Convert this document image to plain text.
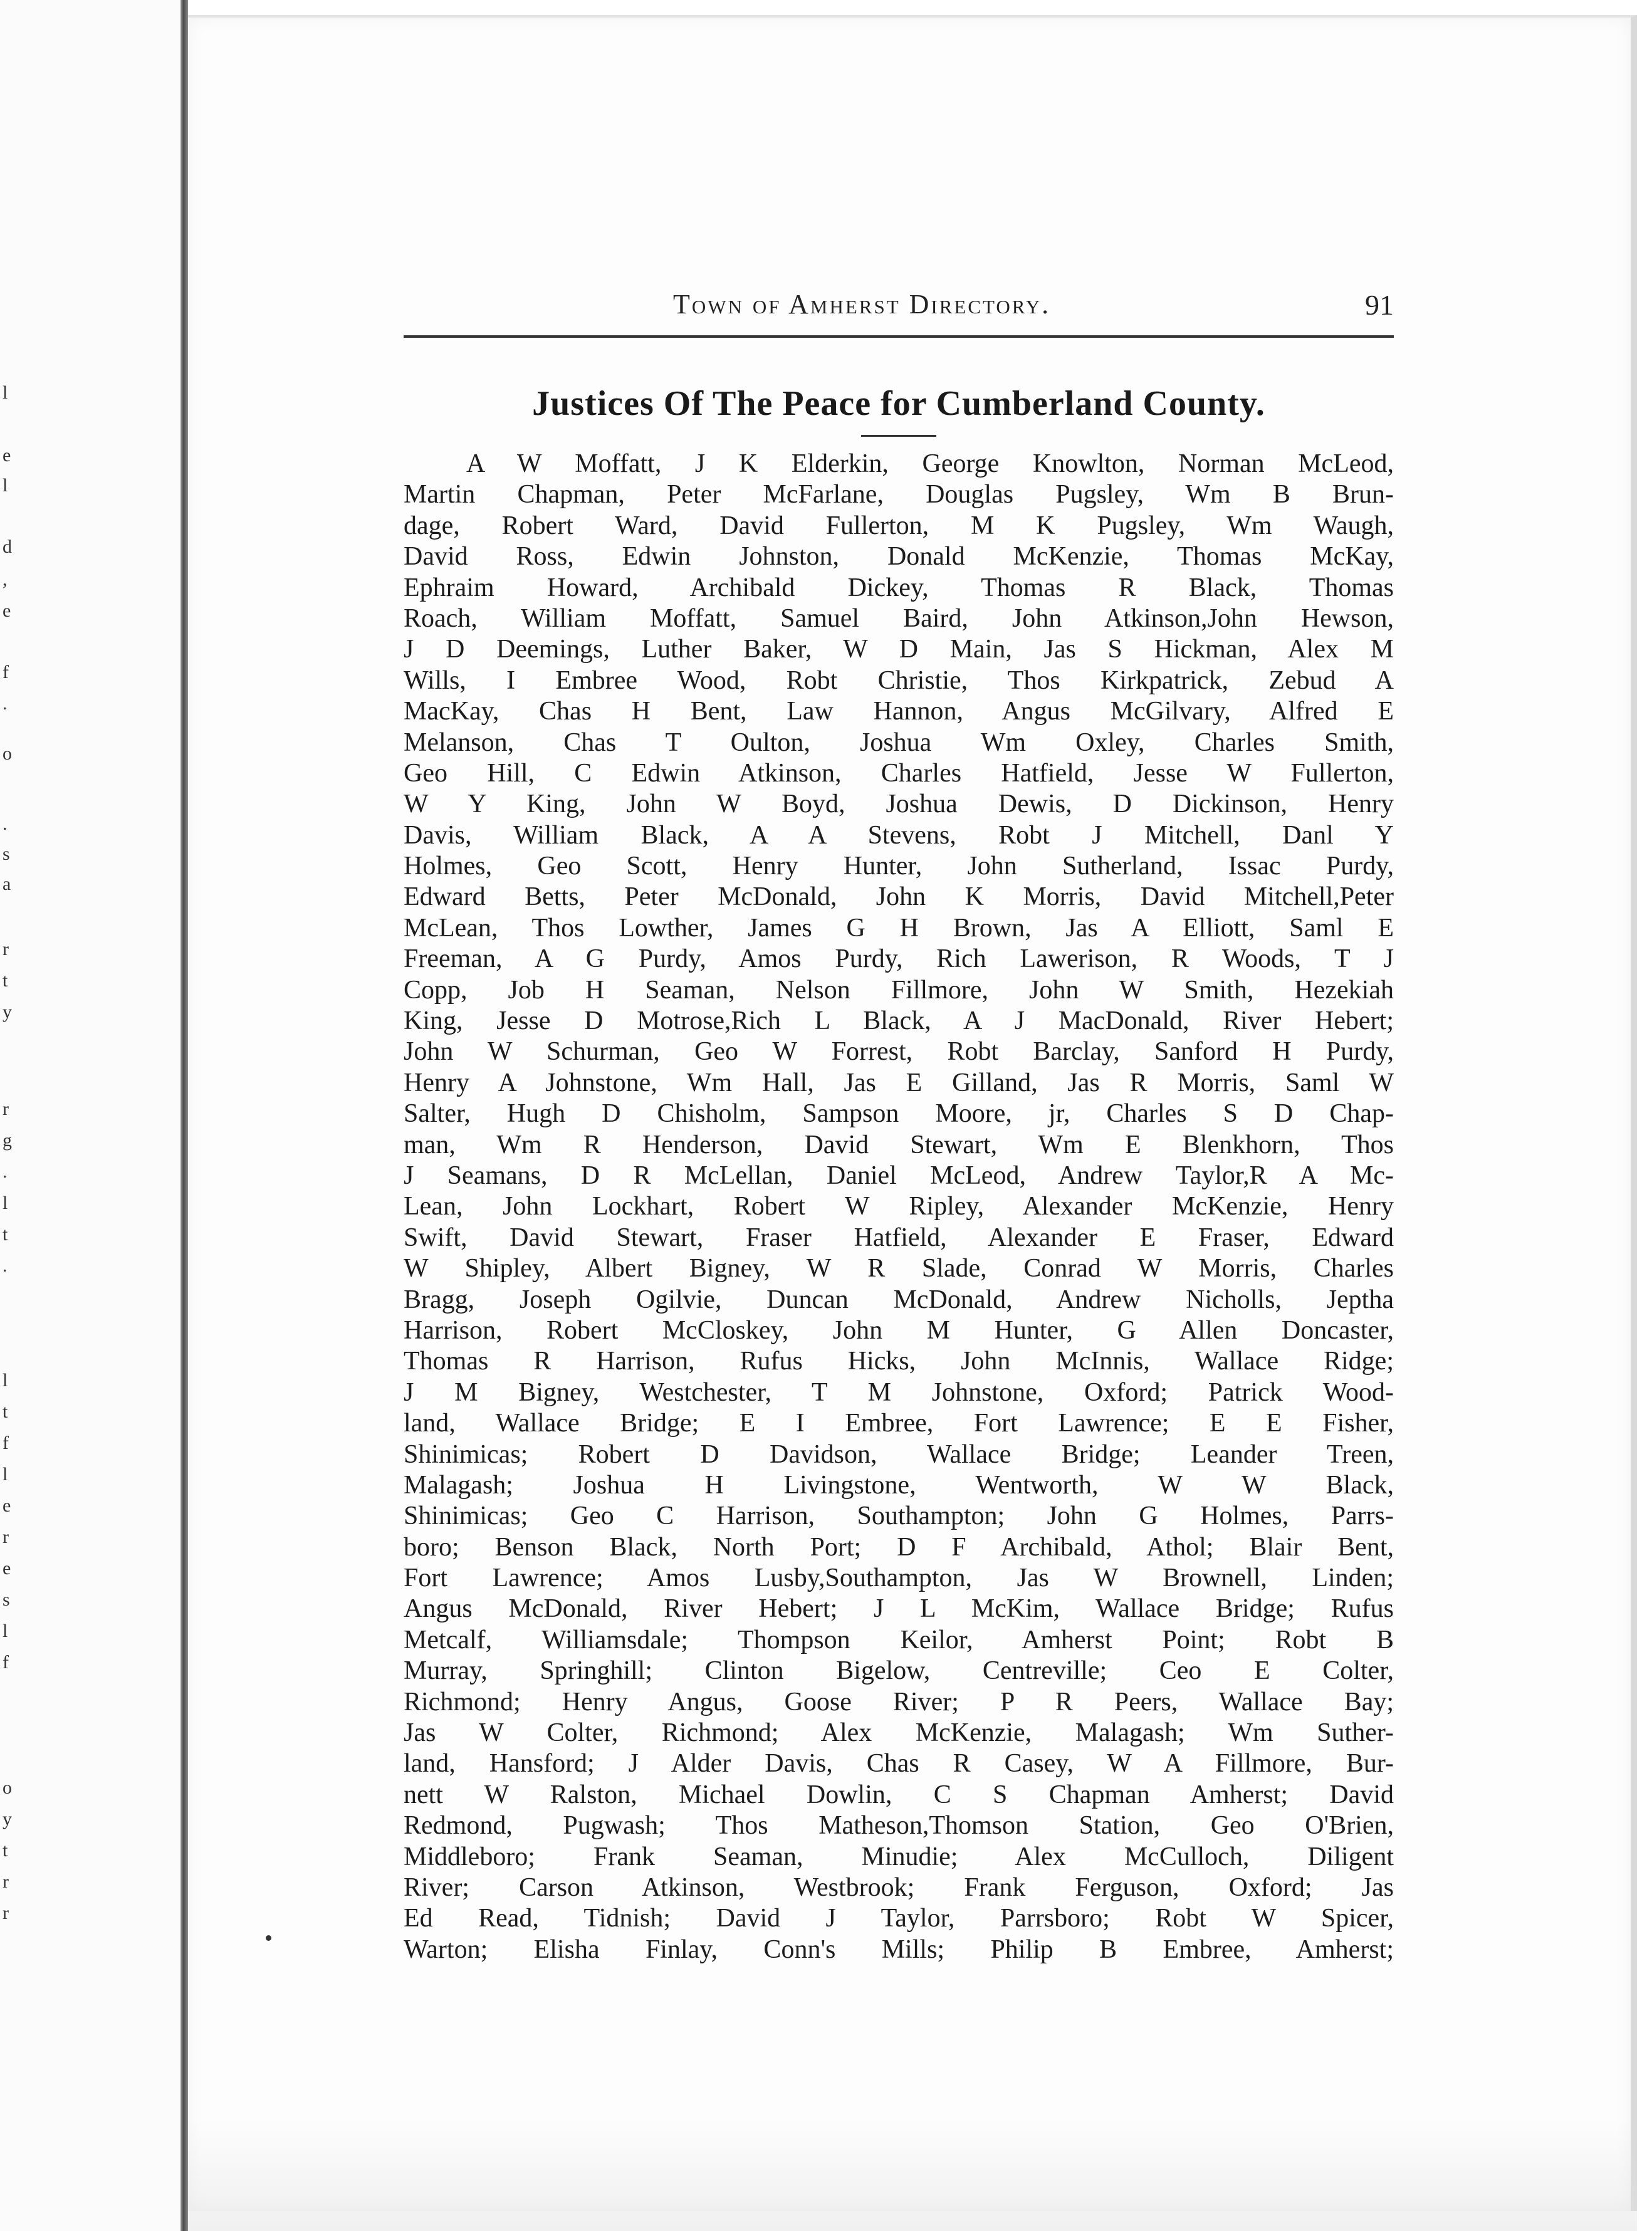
l
e
l
d
,
e
f
.
o
.
s
a
r
t
y
r
g
.
l
t
.
l
t
f
l
e
r
e
s
l
f
o
y
t
r
r
Town of Amherst Directory.	91
Justices Of The Peace for Cumberland County.
A W Moffatt, J K Elderkin, George Knowlton, Norman McLeod,
Martin Chapman, Peter McFarlane, Douglas Pugsley, Wm B Brun-
dage, Robert Ward, David Fullerton, M K Pugsley, Wm Waugh,
David Ross, Edwin Johnston, Donald McKenzie, Thomas McKay,
Ephraim Howard, Archibald Dickey, Thomas R Black, Thomas
Roach, William Moffatt, Samuel Baird, John Atkinson,John Hewson,
J D Deemings, Luther Baker, W D Main, Jas S Hickman, Alex M
Wills, I Embree Wood, Robt Christie, Thos Kirkpatrick, Zebud A
MacKay, Chas H Bent, Law Hannon, Angus McGilvary, Alfred E
Melanson, Chas T Oulton, Joshua Wm Oxley, Charles Smith,
Geo Hill, C Edwin Atkinson, Charles Hatfield, Jesse W Fullerton,
W Y King, John W Boyd, Joshua Dewis, D Dickinson, Henry
Davis, William Black, A A Stevens, Robt J Mitchell, Danl Y
Holmes, Geo Scott, Henry Hunter, John Sutherland, Issac Purdy,
Edward Betts, Peter McDonald, John K Morris, David Mitchell,Peter
McLean, Thos Lowther, James G H Brown, Jas A Elliott, Saml E
Freeman, A G Purdy, Amos Purdy, Rich Lawerison, R Woods, T J
Copp, Job H Seaman, Nelson Fillmore, John W Smith, Hezekiah
King, Jesse D Motrose,Rich L Black, A J MacDonald, River Hebert;
John W Schurman, Geo W Forrest, Robt Barclay, Sanford H Purdy,
Henry A Johnstone, Wm Hall, Jas E Gilland, Jas R Morris, Saml W
Salter, Hugh D Chisholm, Sampson Moore, jr, Charles S D Chap-
man, Wm R Henderson, David Stewart, Wm E Blenkhorn, Thos
J Seamans, D R McLellan, Daniel McLeod, Andrew Taylor,R A Mc-
Lean, John Lockhart, Robert W Ripley, Alexander McKenzie, Henry
Swift, David Stewart, Fraser Hatfield, Alexander E Fraser, Edward
W Shipley, Albert Bigney, W R Slade, Conrad W Morris, Charles
Bragg, Joseph Ogilvie, Duncan McDonald, Andrew Nicholls, Jeptha
Harrison, Robert McCloskey, John M Hunter, G Allen Doncaster,
Thomas R Harrison, Rufus Hicks, John McInnis, Wallace Ridge;
J M Bigney, Westchester, T M Johnstone, Oxford; Patrick Wood-
land, Wallace Bridge; E I Embree, Fort Lawrence; E E Fisher,
Shinimicas; Robert D Davidson, Wallace Bridge; Leander Treen,
Malagash; Joshua H Livingstone, Wentworth, W W Black,
Shinimicas; Geo C Harrison, Southampton; John G Holmes, Parrs-
boro; Benson Black, North Port; D F Archibald, Athol; Blair Bent,
Fort Lawrence; Amos Lusby,Southampton, Jas W Brownell, Linden;
Angus McDonald, River Hebert; J L McKim, Wallace Bridge; Rufus
Metcalf, Williamsdale; Thompson Keilor, Amherst Point; Robt B
Murray, Springhill; Clinton Bigelow, Centreville; Ceo E Colter,
Richmond; Henry Angus, Goose River; P R Peers, Wallace Bay;
Jas W Colter, Richmond; Alex McKenzie, Malagash; Wm Suther-
land, Hansford; J Alder Davis, Chas R Casey, W A Fillmore, Bur-
nett W Ralston, Michael Dowlin, C S Chapman Amherst; David
Redmond, Pugwash; Thos Matheson,Thomson Station, Geo O'Brien,
Middleboro; Frank Seaman, Minudie; Alex McCulloch, Diligent
River; Carson Atkinson, Westbrook; Frank Ferguson, Oxford; Jas
Ed Read, Tidnish; David J Taylor, Parrsboro; Robt W Spicer,
Warton; Elisha Finlay, Conn's Mills; Philip B Embree, Amherst;
